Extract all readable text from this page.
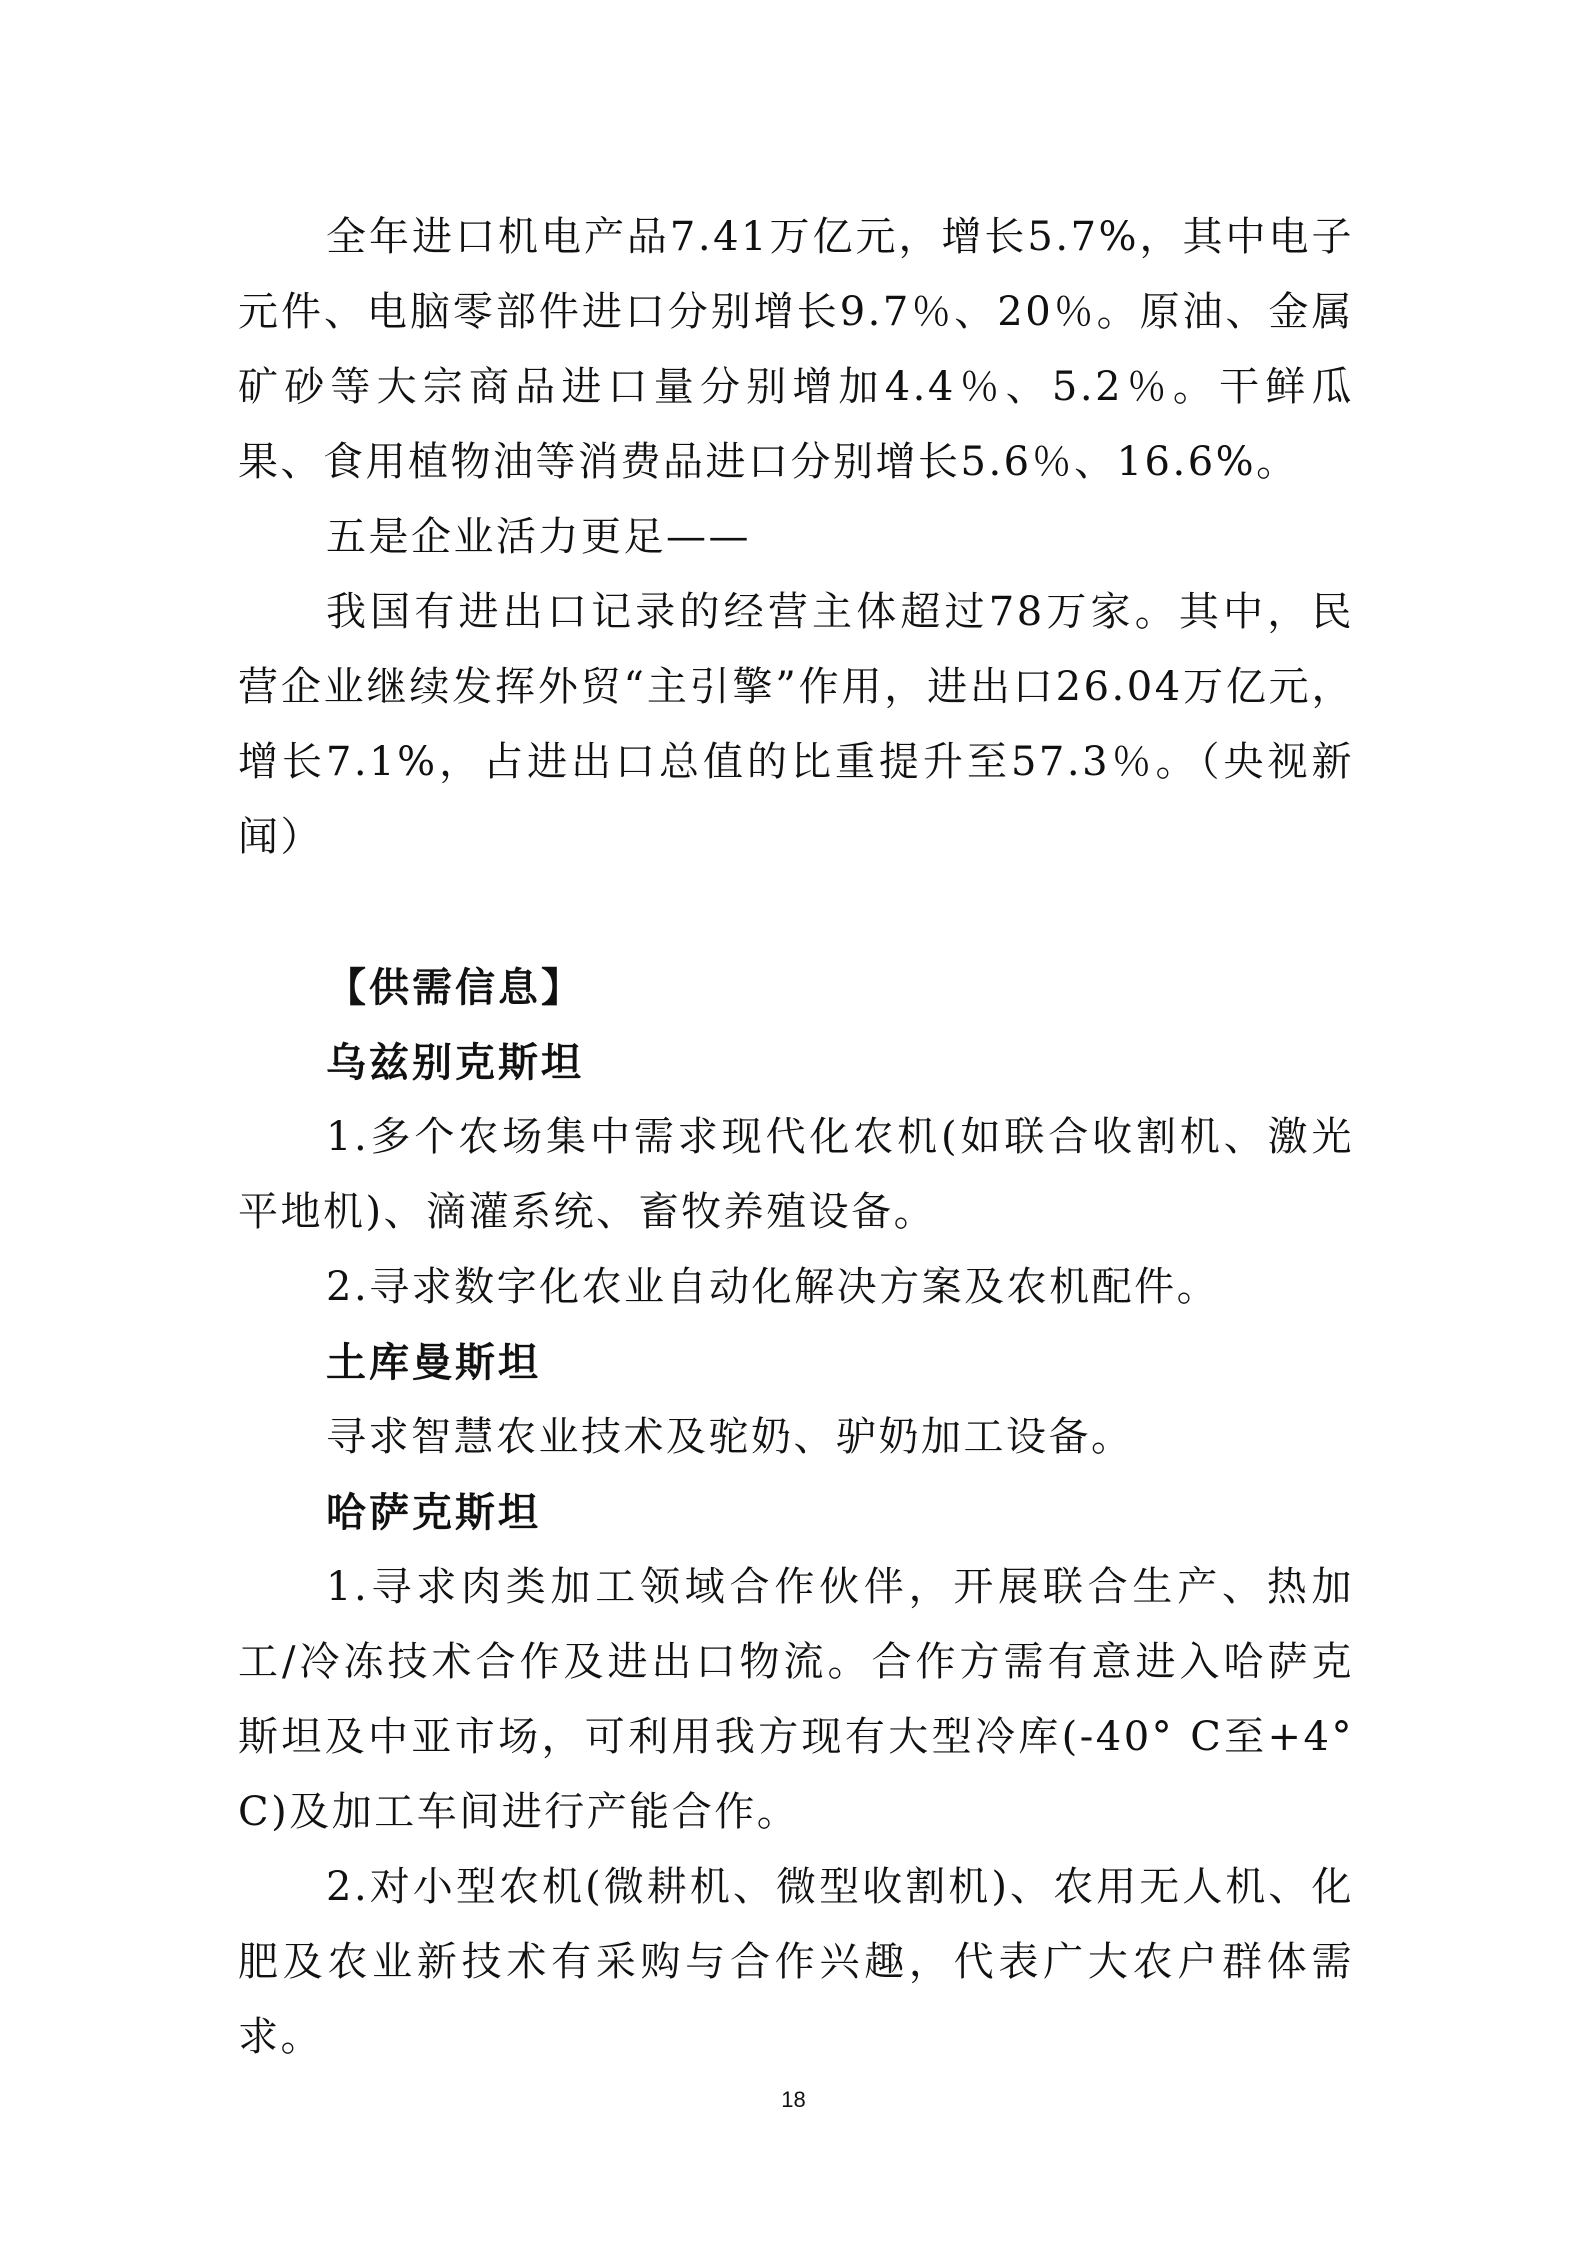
全年进口机电产品7.41万亿元，增长5.7%，其中电子元件、电脑零部件进口分别增长9.7％、20％。原油、金属矿砂等大宗商品进口量分别增加4.4％、5.2％。干鲜瓜果、食用植物油等消费品进口分别增长5.6％、16.6%。

五是企业活力更足——

我国有进出口记录的经营主体超过78万家。其中，民营企业继续发挥外贸“主引擎”作用，进出口26.04万亿元，增长7.1%，占进出口总值的比重提升至57.3％。（央视新闻）

【供需信息】

乌兹别克斯坦

1.多个农场集中需求现代化农机(如联合收割机、激光平地机)、滴灌系统、畜牧养殖设备。

2.寻求数字化农业自动化解决方案及农机配件。

土库曼斯坦

寻求智慧农业技术及驼奶、驴奶加工设备。

哈萨克斯坦

1.寻求肉类加工领域合作伙伴，开展联合生产、热加工/冷冻技术合作及进出口物流。合作方需有意进入哈萨克斯坦及中亚市场，可利用我方现有大型冷库(-40° C至+4° C)及加工车间进行产能合作。

2.对小型农机(微耕机、微型收割机)、农用无人机、化肥及农业新技术有采购与合作兴趣，代表广大农户群体需求。

18
